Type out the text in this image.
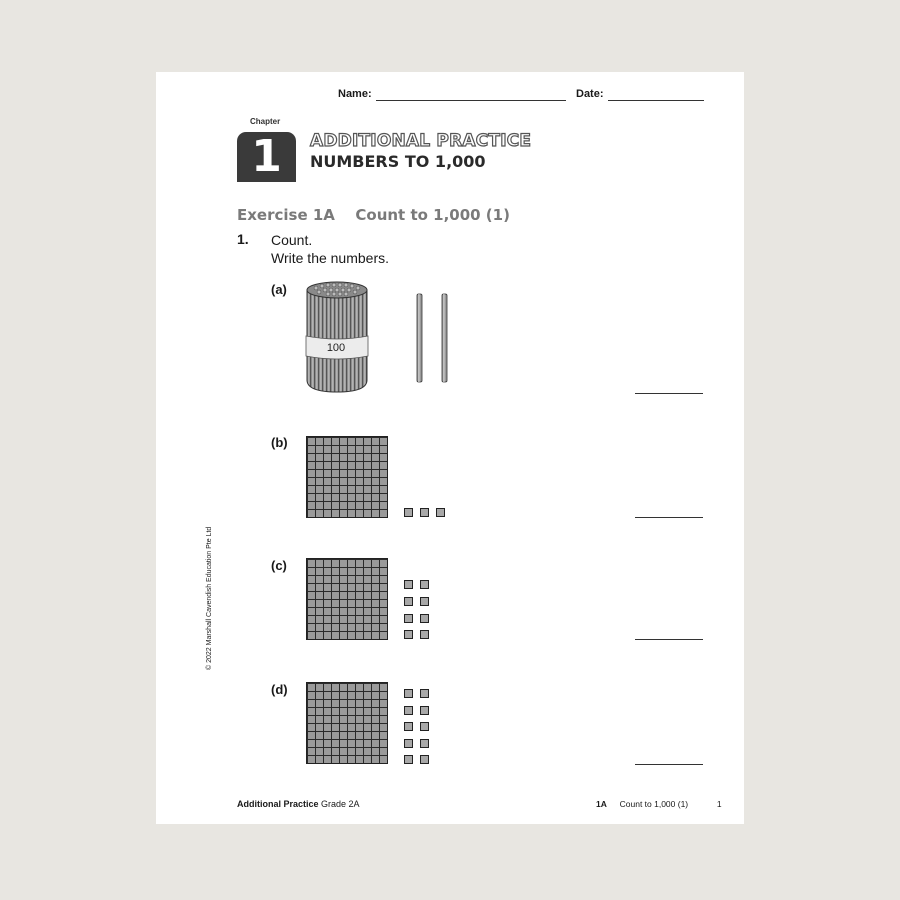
Name:	Date:
Chapter
1	ADDITIONAL PRACTICE
NUMBERS TO 1,000
Exercise 1A Count to 1,000 (1)
1. Count.
Write the numbers.
(a)
100
(b)
(c)
(d)
© 2022 Marshall Cavendish Education Pte Ltd
Additional Practice Grade 2A	1A Count to 1,000 (1)	1
